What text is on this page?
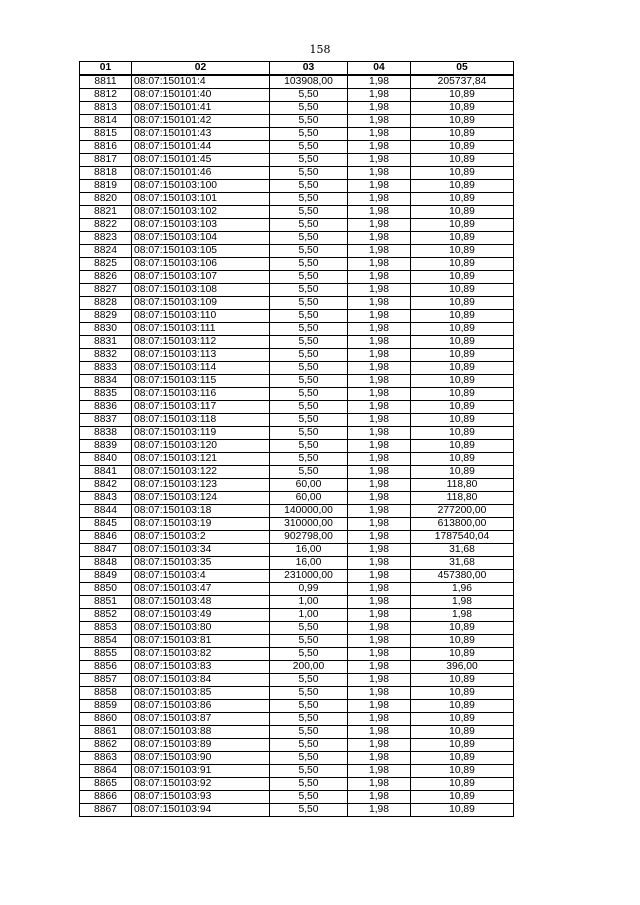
158
01	02	03	04	05
8811	08:07:150101:4	103908,00	1,98	205737,84
8812	08:07:150101:40	5,50	1,98	10,89
8813	08:07:150101:41	5,50	1,98	10,89
8814	08:07:150101:42	5,50	1,98	10,89
8815	08:07:150101:43	5,50	1,98	10,89
8816	08:07:150101:44	5,50	1,98	10,89
8817	08:07:150101:45	5,50	1,98	10,89
8818	08:07:150101:46	5,50	1,98	10,89
8819	08:07:150103:100	5,50	1,98	10,89
8820	08:07:150103:101	5,50	1,98	10,89
8821	08:07:150103:102	5,50	1,98	10,89
8822	08:07:150103:103	5,50	1,98	10,89
8823	08:07:150103:104	5,50	1,98	10,89
8824	08:07:150103:105	5,50	1,98	10,89
8825	08:07:150103:106	5,50	1,98	10,89
8826	08:07:150103:107	5,50	1,98	10,89
8827	08:07:150103:108	5,50	1,98	10,89
8828	08:07:150103:109	5,50	1,98	10,89
8829	08:07:150103:110	5,50	1,98	10,89
8830	08:07:150103:111	5,50	1,98	10,89
8831	08:07:150103:112	5,50	1,98	10,89
8832	08:07:150103:113	5,50	1,98	10,89
8833	08:07:150103:114	5,50	1,98	10,89
8834	08:07:150103:115	5,50	1,98	10,89
8835	08:07:150103:116	5,50	1,98	10,89
8836	08:07:150103:117	5,50	1,98	10,89
8837	08:07:150103:118	5,50	1,98	10,89
8838	08:07:150103:119	5,50	1,98	10,89
8839	08:07:150103:120	5,50	1,98	10,89
8840	08:07:150103:121	5,50	1,98	10,89
8841	08:07:150103:122	5,50	1,98	10,89
8842	08:07:150103:123	60,00	1,98	118,80
8843	08:07:150103:124	60,00	1,98	118,80
8844	08:07:150103:18	140000,00	1,98	277200,00
8845	08:07:150103:19	310000,00	1,98	613800,00
8846	08:07:150103:2	902798,00	1,98	1787540,04
8847	08:07:150103:34	16,00	1,98	31,68
8848	08:07:150103:35	16,00	1,98	31,68
8849	08:07:150103:4	231000,00	1,98	457380,00
8850	08:07:150103:47	0,99	1,98	1,96
8851	08:07:150103:48	1,00	1,98	1,98
8852	08:07:150103:49	1,00	1,98	1,98
8853	08:07:150103:80	5,50	1,98	10,89
8854	08:07:150103:81	5,50	1,98	10,89
8855	08:07:150103:82	5,50	1,98	10,89
8856	08:07:150103:83	200,00	1,98	396,00
8857	08:07:150103:84	5,50	1,98	10,89
8858	08:07:150103:85	5,50	1,98	10,89
8859	08:07:150103:86	5,50	1,98	10,89
8860	08:07:150103:87	5,50	1,98	10,89
8861	08:07:150103:88	5,50	1,98	10,89
8862	08:07:150103:89	5,50	1,98	10,89
8863	08:07:150103:90	5,50	1,98	10,89
8864	08:07:150103:91	5,50	1,98	10,89
8865	08:07:150103:92	5,50	1,98	10,89
8866	08:07:150103:93	5,50	1,98	10,89
8867	08:07:150103:94	5,50	1,98	10,89
